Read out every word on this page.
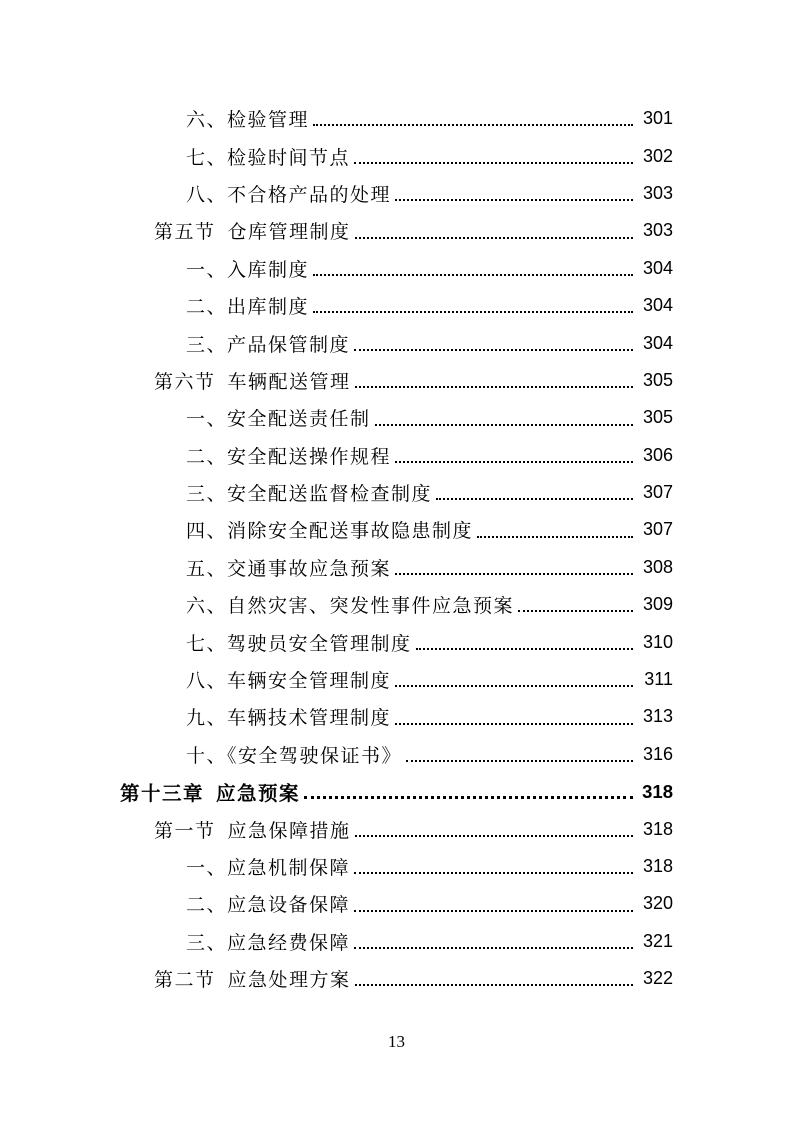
六、检验管理	301
七、检验时间节点	302
八、不合格产品的处理	303
第五节 仓库管理制度	303
一、入库制度	304
二、出库制度	304
三、产品保管制度	304
第六节 车辆配送管理	305
一、安全配送责任制	305
二、安全配送操作规程	306
三、安全配送监督检查制度	307
四、消除安全配送事故隐患制度	307
五、交通事故应急预案	308
六、自然灾害、突发性事件应急预案	309
七、驾驶员安全管理制度	310
八、车辆安全管理制度	311
九、车辆技术管理制度	313
十、《安全驾驶保证书》	316
第十三章 应急预案	318
第一节 应急保障措施	318
一、应急机制保障	318
二、应急设备保障	320
三、应急经费保障	321
第二节 应急处理方案	322
13
